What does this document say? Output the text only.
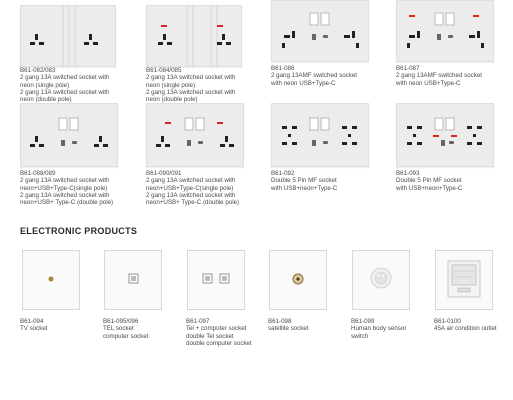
B61-082/083
2 gang 13A switched socket with
neon (single pole)
2 gang 13A switched socket with
neon (double pole)
B61-084/085
2 gang 13A switched socket with
neon (single pole)
2 gang 13A switched socket with
neon (double pole)
B61-086
2 gang 13AMF switched socket
with neon USB+Type-C
B61-087
2 gang 13AMF switched socket
with neon USB+Type-C
B61-088/089
2 gang 13A switched socket with
neon+USB+Type-C(single pole)
2 gang 13A switched socket with
neon+USB+ Type-C (double pole)
B61-090/091
2 gang 13A switched socket with
neon+USB+Type-C(single pole)
2 gang 13A switched socket with
neon+USB+ Type-C (double pole)
B61-092
Double 5 Pin MF socket
with USB+neon+Type-C
B61-093
Double 5 Pin MF socket
with USB+neon+Type-C
ELECTRONIC PRODUCTS
B61-094
TV socket
B61-095/096
TEL socket
computer socket
B61-097
Tel + computer socket
double Tel socket
double computer socket
B61-098
satellite socket
B61-099
Human body sensor
switch
B61-0100
45A air condition outlet
